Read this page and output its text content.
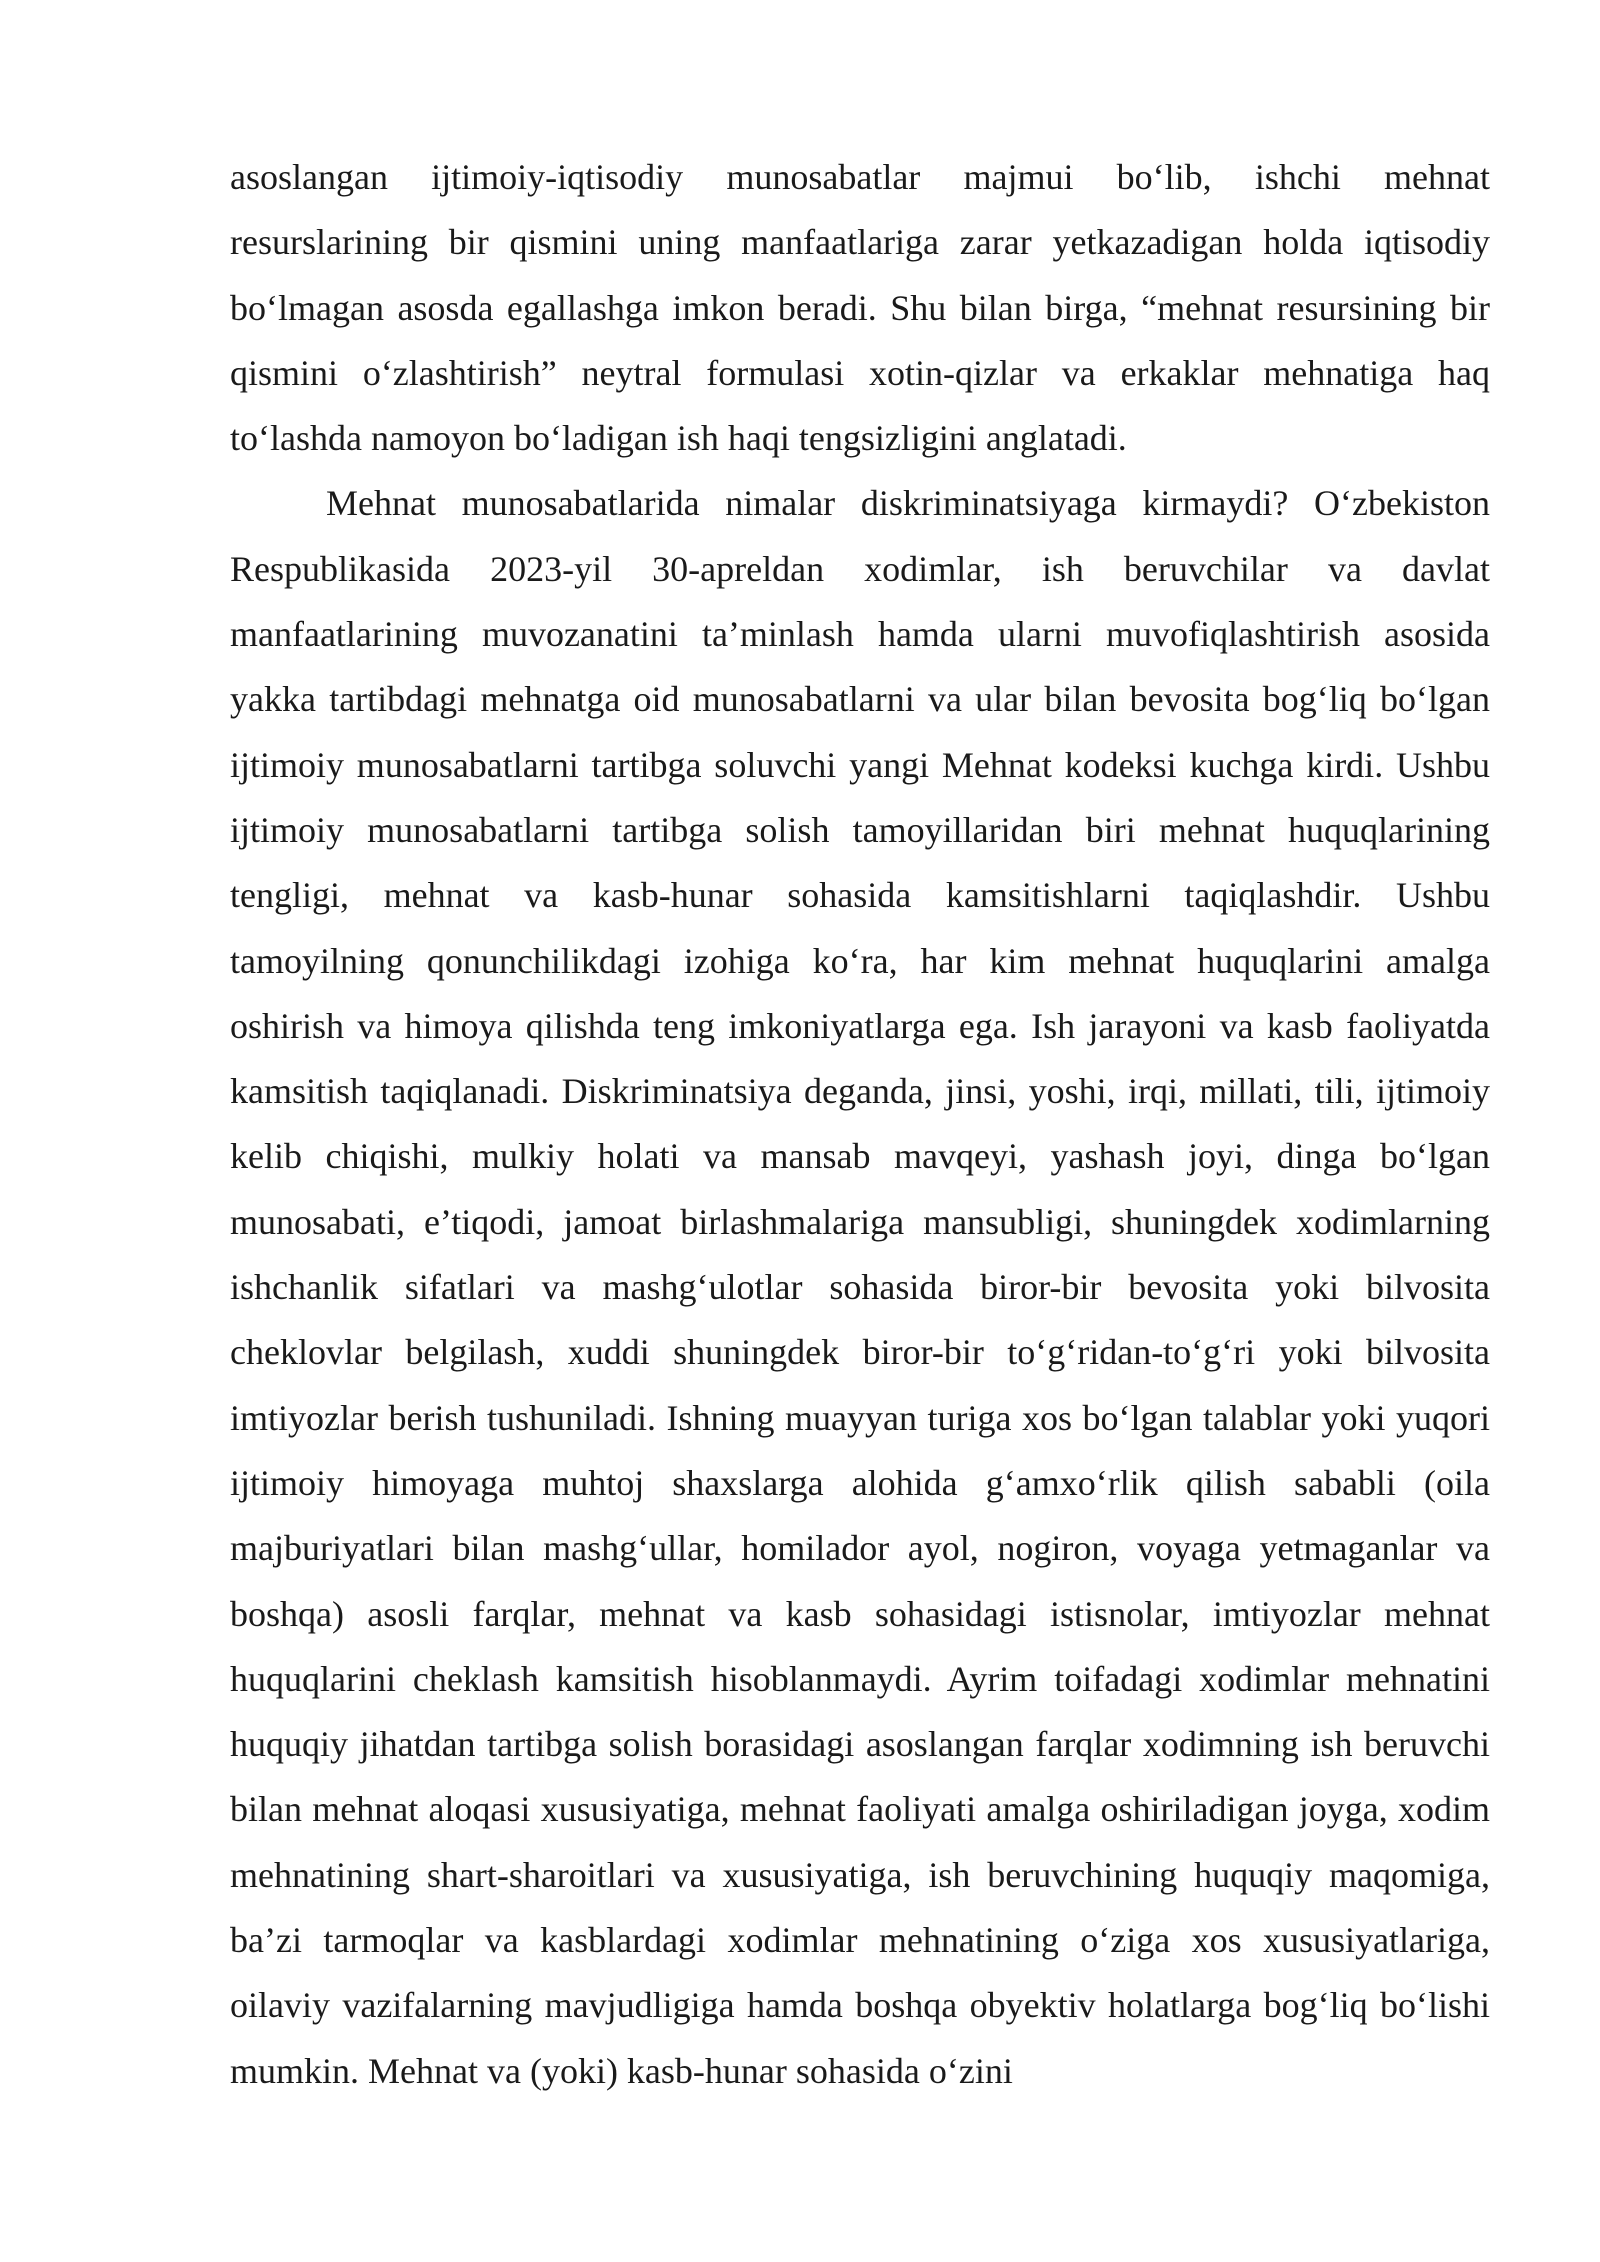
asoslangan ijtimoiy-iqtisodiy munosabatlar majmui bo‘lib, ishchi mehnat resurslarining bir qismini uning manfaatlariga zarar yetkazadigan holda iqtisodiy bo‘lmagan asosda egallashga imkon beradi. Shu bilan birga, “mehnat resursining bir qismini o‘zlashtirish” neytral formulasi xotin-qizlar va erkaklar mehnatiga haq to‘lashda namoyon bo‘ladigan ish haqi tengsizligini anglatadi.

Mehnat munosabatlarida nimalar diskriminatsiyaga kirmaydi? O‘zbekiston Respublikasida 2023-yil 30-apreldan xodimlar, ish beruvchilar va davlat manfaatlarining muvozanatini ta’minlash hamda ularni muvofiqlashtirish asosida yakka tartibdagi mehnatga oid munosabatlarni va ular bilan bevosita bog‘liq bo‘lgan ijtimoiy munosabatlarni tartibga soluvchi yangi Mehnat kodeksi kuchga kirdi. Ushbu ijtimoiy munosabatlarni tartibga solish tamoyillaridan biri mehnat huquqlarining tengligi, mehnat va kasb-hunar sohasida kamsitishlarni taqiqlashdir. Ushbu tamoyilning qonunchilikdagi izohiga ko‘ra, har kim mehnat huquqlarini amalga oshirish va himoya qilishda teng imkoniyatlarga ega. Ish jarayoni va kasb faoliyatda kamsitish taqiqlanadi. Diskriminatsiya deganda, jinsi, yoshi, irqi, millati, tili, ijtimoiy kelib chiqishi, mulkiy holati va mansab mavqeyi, yashash joyi, dinga bo‘lgan munosabati, e’tiqodi, jamoat birlashmalariga mansubligi, shuningdek xodimlarning ishchanlik sifatlari va mashg‘ulotlar sohasida biror-bir bevosita yoki bilvosita cheklovlar belgilash, xuddi shuningdek biror-bir to‘g‘ridan-to‘g‘ri yoki bilvosita imtiyozlar berish tushuniladi. Ishning muayyan turiga xos bo‘lgan talablar yoki yuqori ijtimoiy himoyaga muhtoj shaxslarga alohida g‘amxo‘rlik qilish sababli (oila majburiyatlari bilan mashg‘ullar, homilador ayol, nogiron, voyaga yetmaganlar va boshqa) asosli farqlar, mehnat va kasb sohasidagi istisnolar, imtiyozlar mehnat huquqlarini cheklash kamsitish hisoblanmaydi. Ayrim toifadagi xodimlar mehnatini huquqiy jihatdan tartibga solish borasidagi asoslangan farqlar xodimning ish beruvchi bilan mehnat aloqasi xususiyatiga, mehnat faoliyati amalga oshiriladigan joyga, xodim mehnatining shart-sharoitlari va xususiyatiga, ish beruvchining huquqiy maqomiga, ba’zi tarmoqlar va kasblardagi xodimlar mehnatining o‘ziga xos xususiyatlariga, oilaviy vazifalarning mavjudligiga hamda boshqa obyektiv holatlarga bog‘liq bo‘lishi mumkin. Mehnat va (yoki) kasb-hunar sohasida o‘zini
